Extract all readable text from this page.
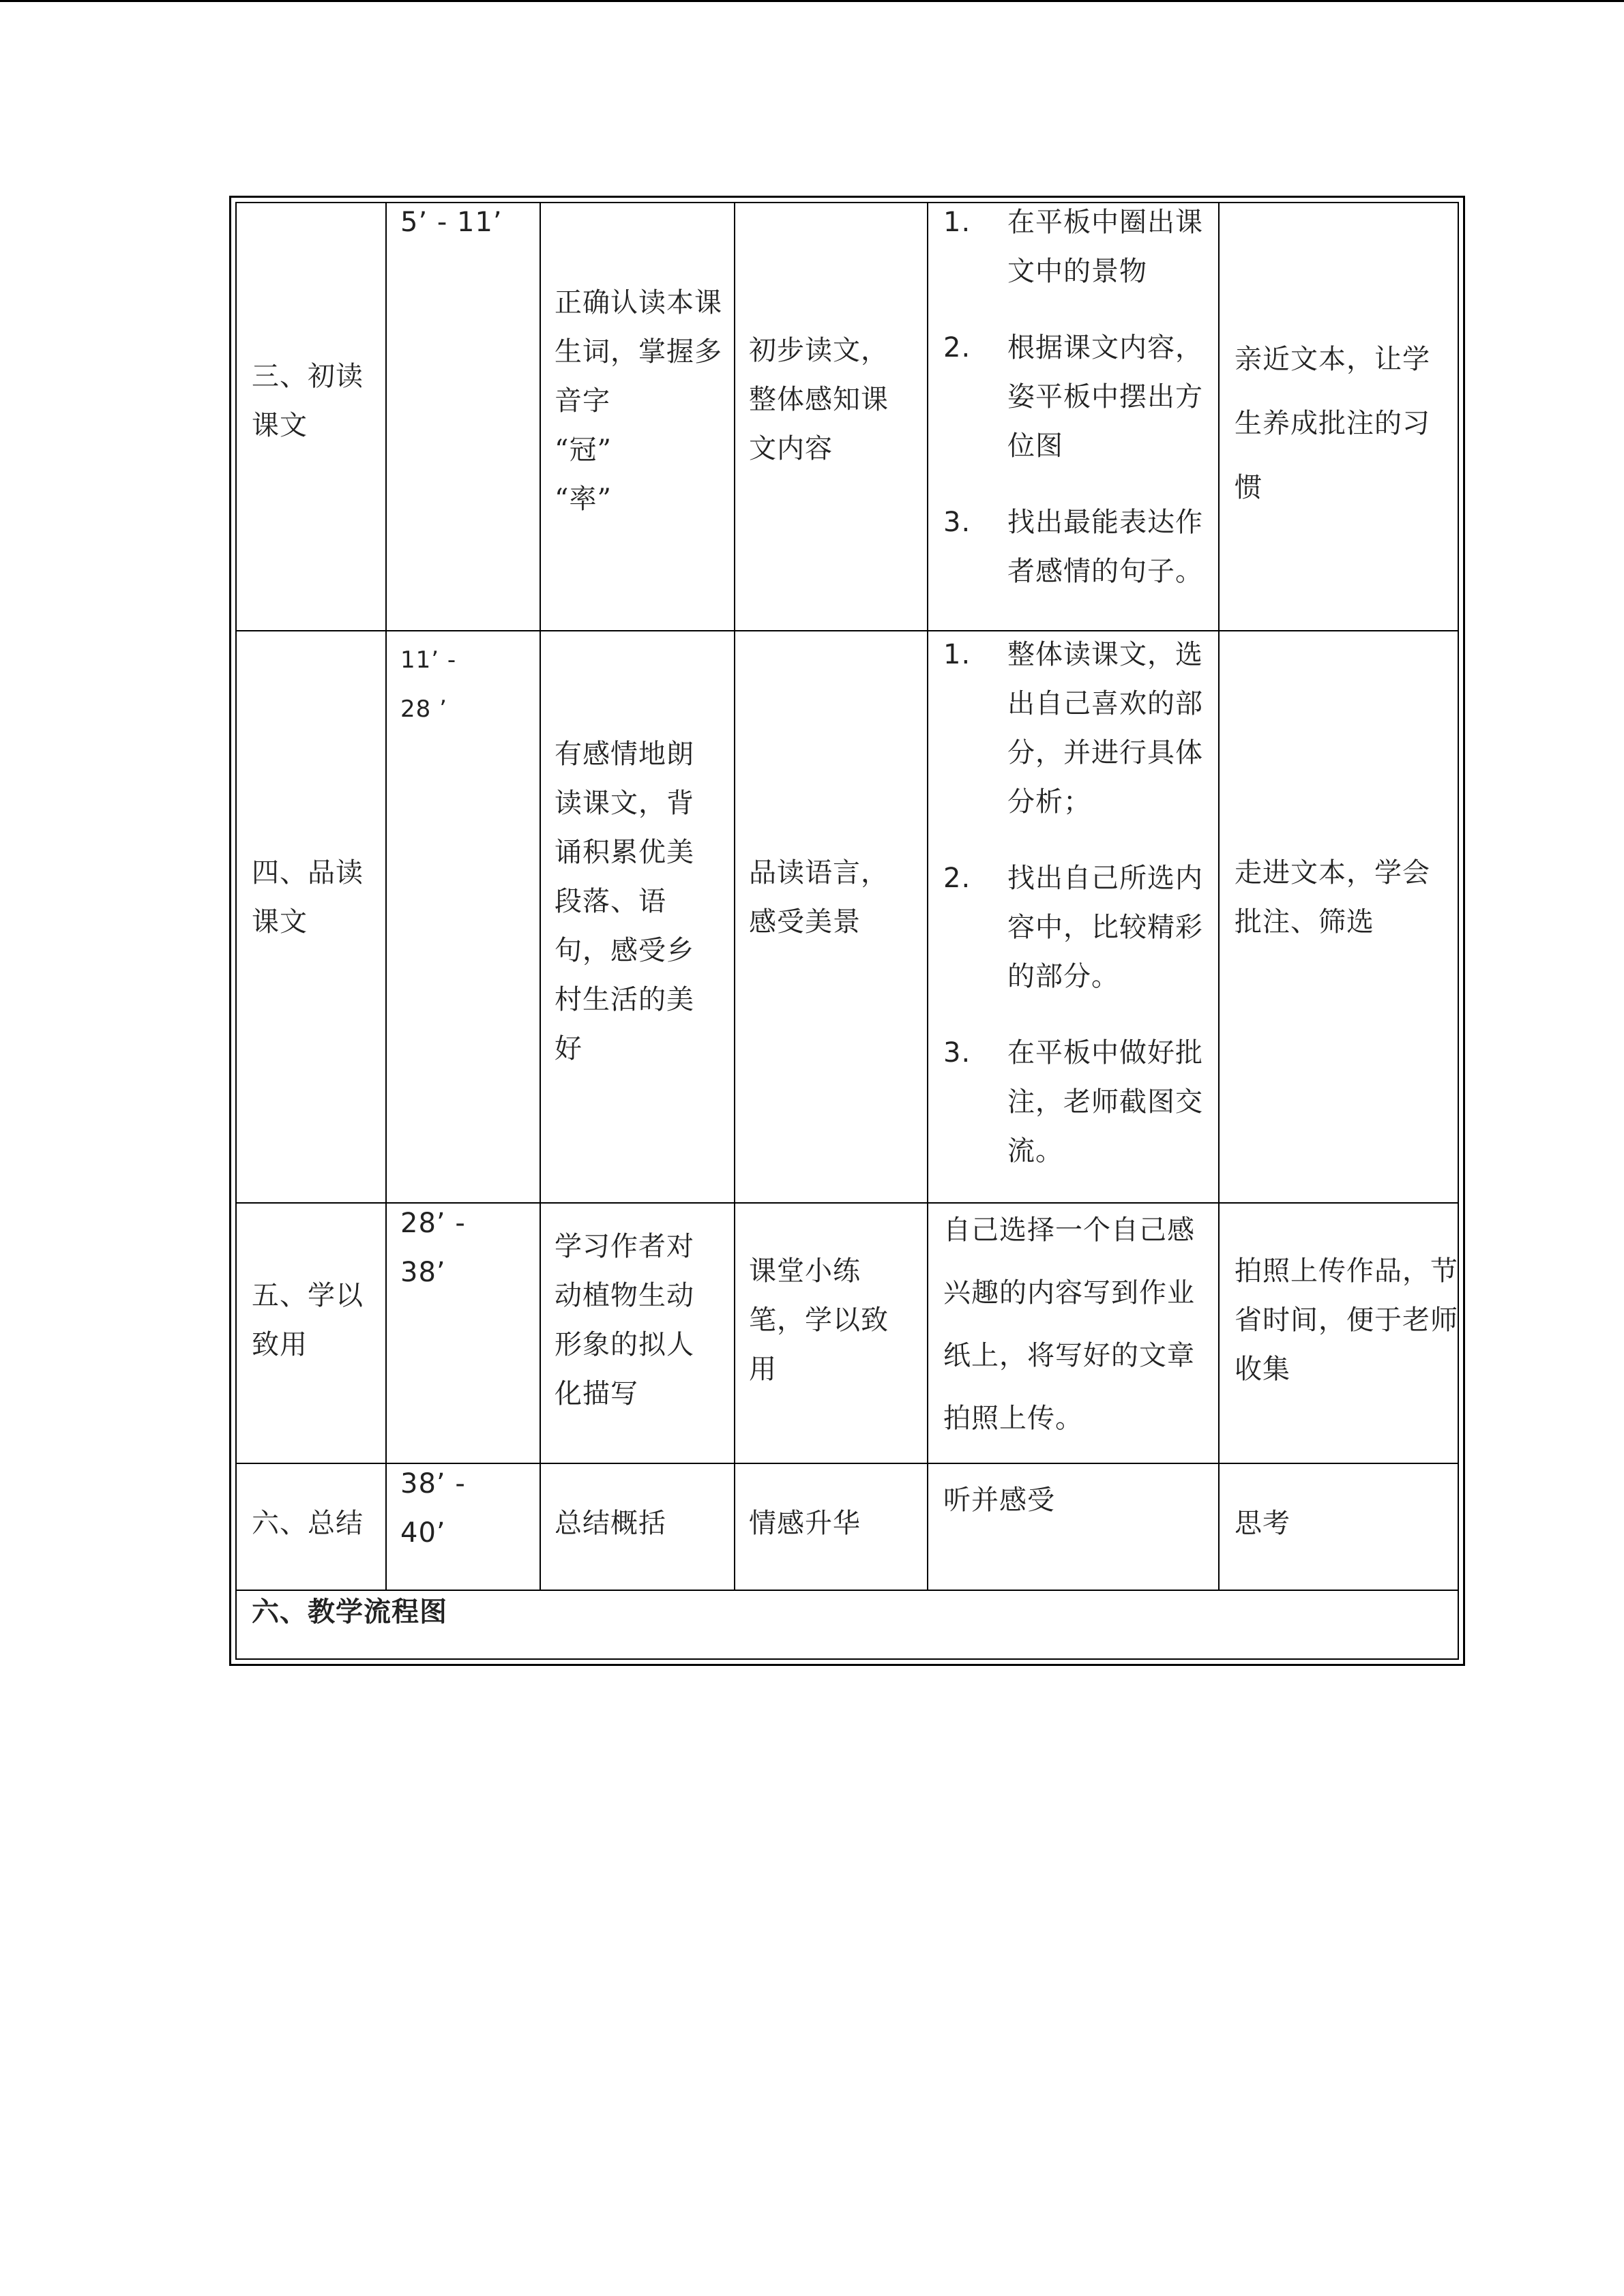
三、初读课文
5’ - 11’
正确认读本课生词，掌握多音字
“冠”
“率”
初步读文，整体感知课文内容
1. 在平板中圈出课文中的景物
2. 根据课文内容，姿平板中摆出方位图
3. 找出最能表达作者感情的句子。
亲近文本，让学生养成批注的习惯
四、品读课文
11’ -
28 ’
有感情地朗读课文，背诵积累优美段落、语句，感受乡村生活的美好
品读语言，感受美景
1. 整体读课文，选出自己喜欢的部分，并进行具体分析；
2. 找出自己所选内容中，比较精彩的部分。
3. 在平板中做好批注，老师截图交流。
走进文本，学会批注、筛选
五、学以致用
28’ -
38’
学习作者对动植物生动形象的拟人化描写
课堂小练笔，学以致用
自己选择一个自己感兴趣的内容写到作业纸上，将写好的文章拍照上传。
拍照上传作品，节省时间，便于老师收集
六、总结
38’ -
40’	总结概括	情感升华
听并感受
思考
六、教学流程图
